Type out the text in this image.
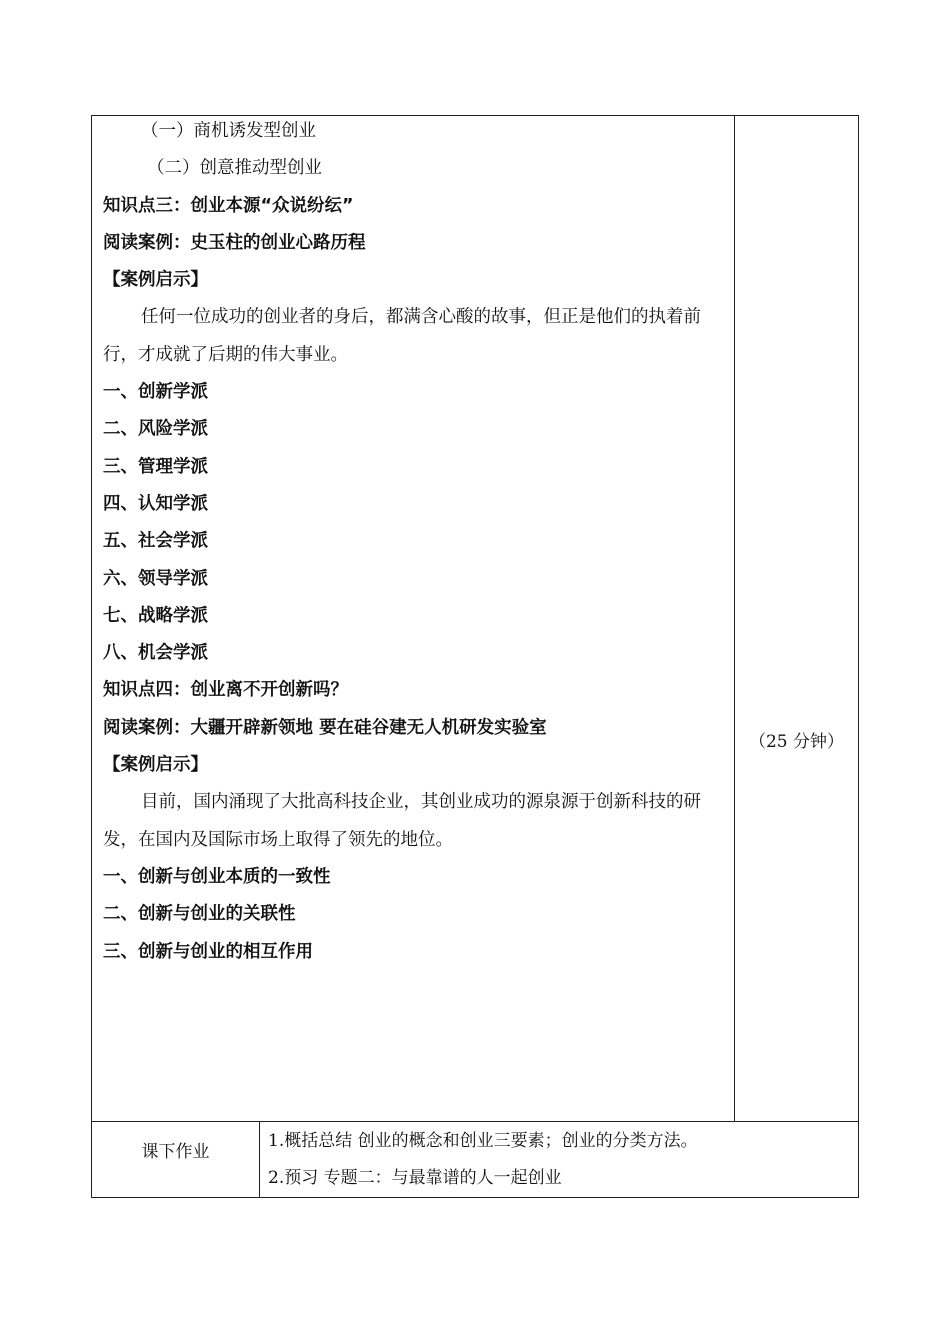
（一）商机诱发型创业
（二）创意推动型创业
知识点三：创业本源“众说纷纭”
阅读案例：史玉柱的创业心路历程
【案例启示】
任何一位成功的创业者的身后，都满含心酸的故事，但正是他们的执着前行，才成就了后期的伟大事业。
一、创新学派
二、风险学派
三、管理学派
四、认知学派
五、社会学派
六、领导学派
七、战略学派
八、机会学派
知识点四：创业离不开创新吗？
阅读案例：大疆开辟新领地 要在硅谷建无人机研发实验室
【案例启示】
目前，国内涌现了大批高科技企业，其创业成功的源泉源于创新科技的研发，在国内及国际市场上取得了领先的地位。
一、创新与创业本质的一致性
二、创新与创业的关联性
三、创新与创业的相互作用
（25 分钟）
课下作业
1.概括总结 创业的概念和创业三要素；创业的分类方法。
2.预习 专题二：与最靠谱的人一起创业
